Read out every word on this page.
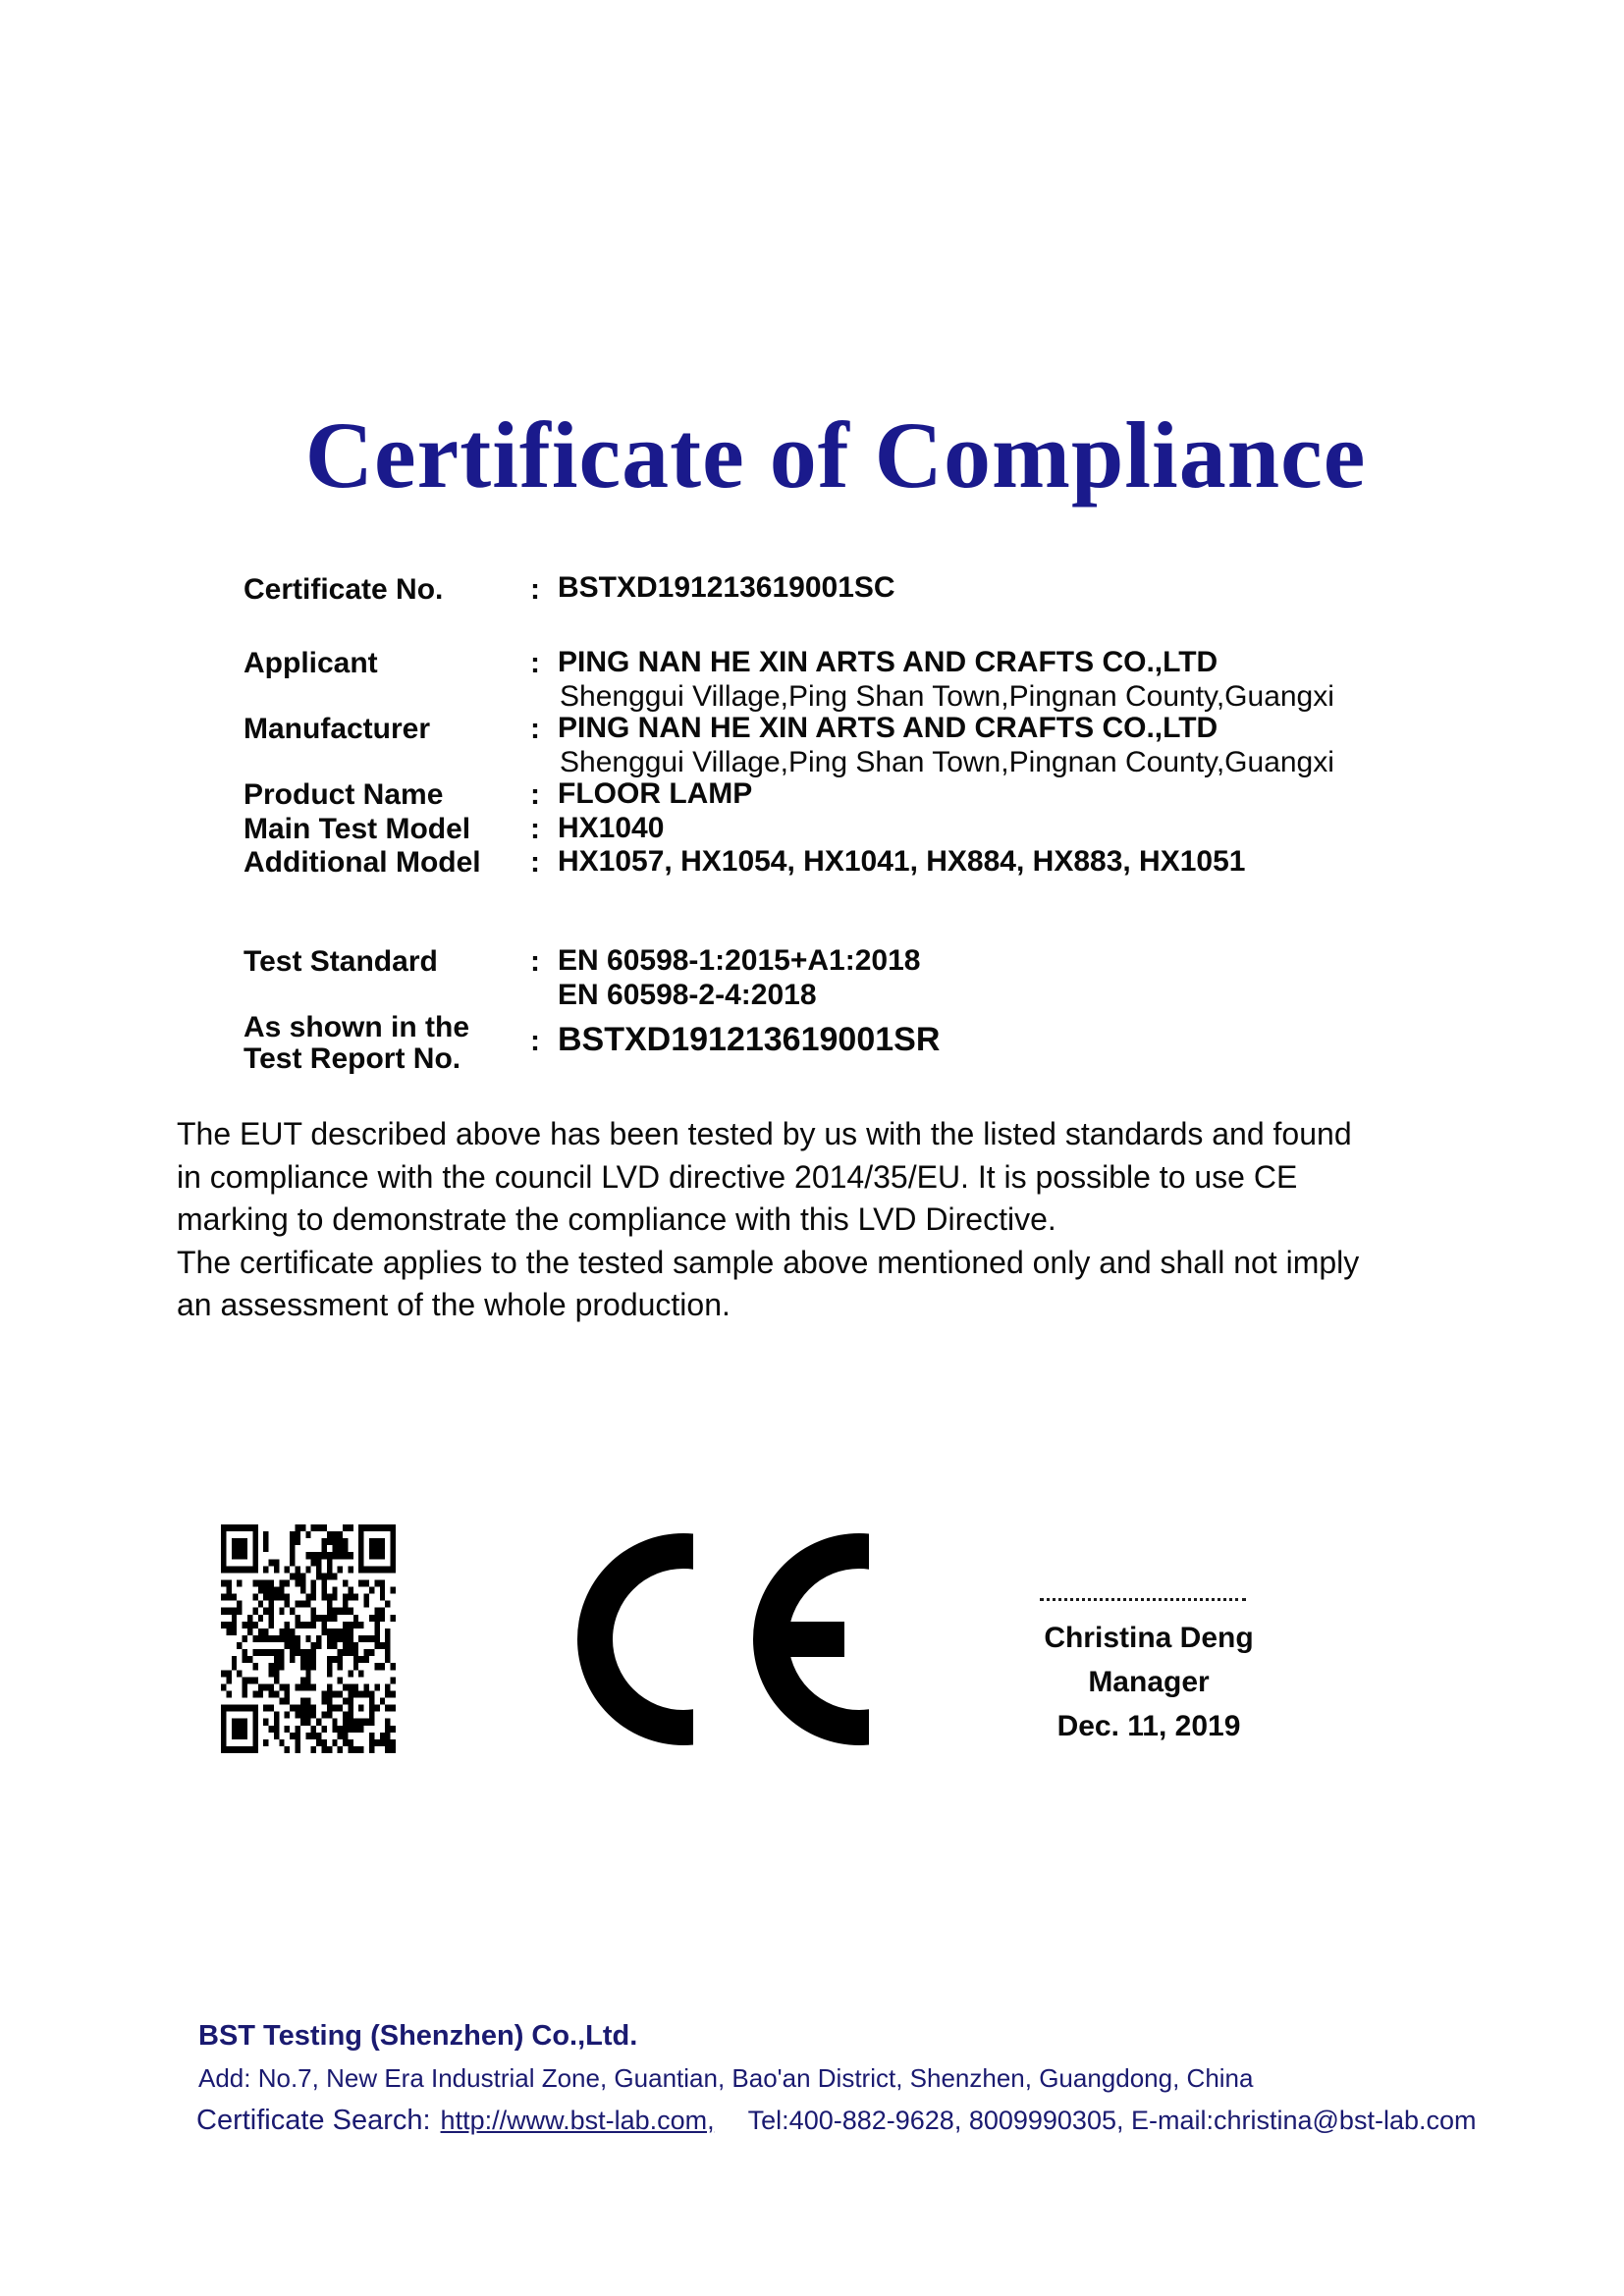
Certificate of Compliance
Certificate No.	: BSTXD191213619001SC
Applicant	: PING NAN HE XIN ARTS AND CRAFTS CO.,LTD
Shenggui Village,Ping Shan Town,Pingnan County,Guangxi
Manufacturer	: PING NAN HE XIN ARTS AND CRAFTS CO.,LTD
Shenggui Village,Ping Shan Town,Pingnan County,Guangxi
Product Name	: FLOOR LAMP
Main Test Model : HX1040
Additional Model : HX1057, HX1054, HX1041, HX884, HX883, HX1051
Test Standard	: EN 60598-1:2015+A1:2018
EN 60598-2-4:2018
As shown in the
Test Report No.
: BSTXD191213619001SR
The EUT described above has been tested by us with the listed standards and found
in compliance with the council LVD directive 2014/35/EU. It is possible to use CE
marking to demonstrate the compliance with this LVD Directive.
The certificate applies to the tested sample above mentioned only and shall not imply
an assessment of the whole production.
Christina Deng
Manager
Dec. 11, 2019
BST Testing (Shenzhen) Co.,Ltd.
Add: No.7, New Era Industrial Zone, Guantian, Bao'an District, Shenzhen, Guangdong, China
Certificate Search: http://www.bst-lab.com, Tel:400-882-9628, 8009990305, E-mail:christina@bst-lab.com
